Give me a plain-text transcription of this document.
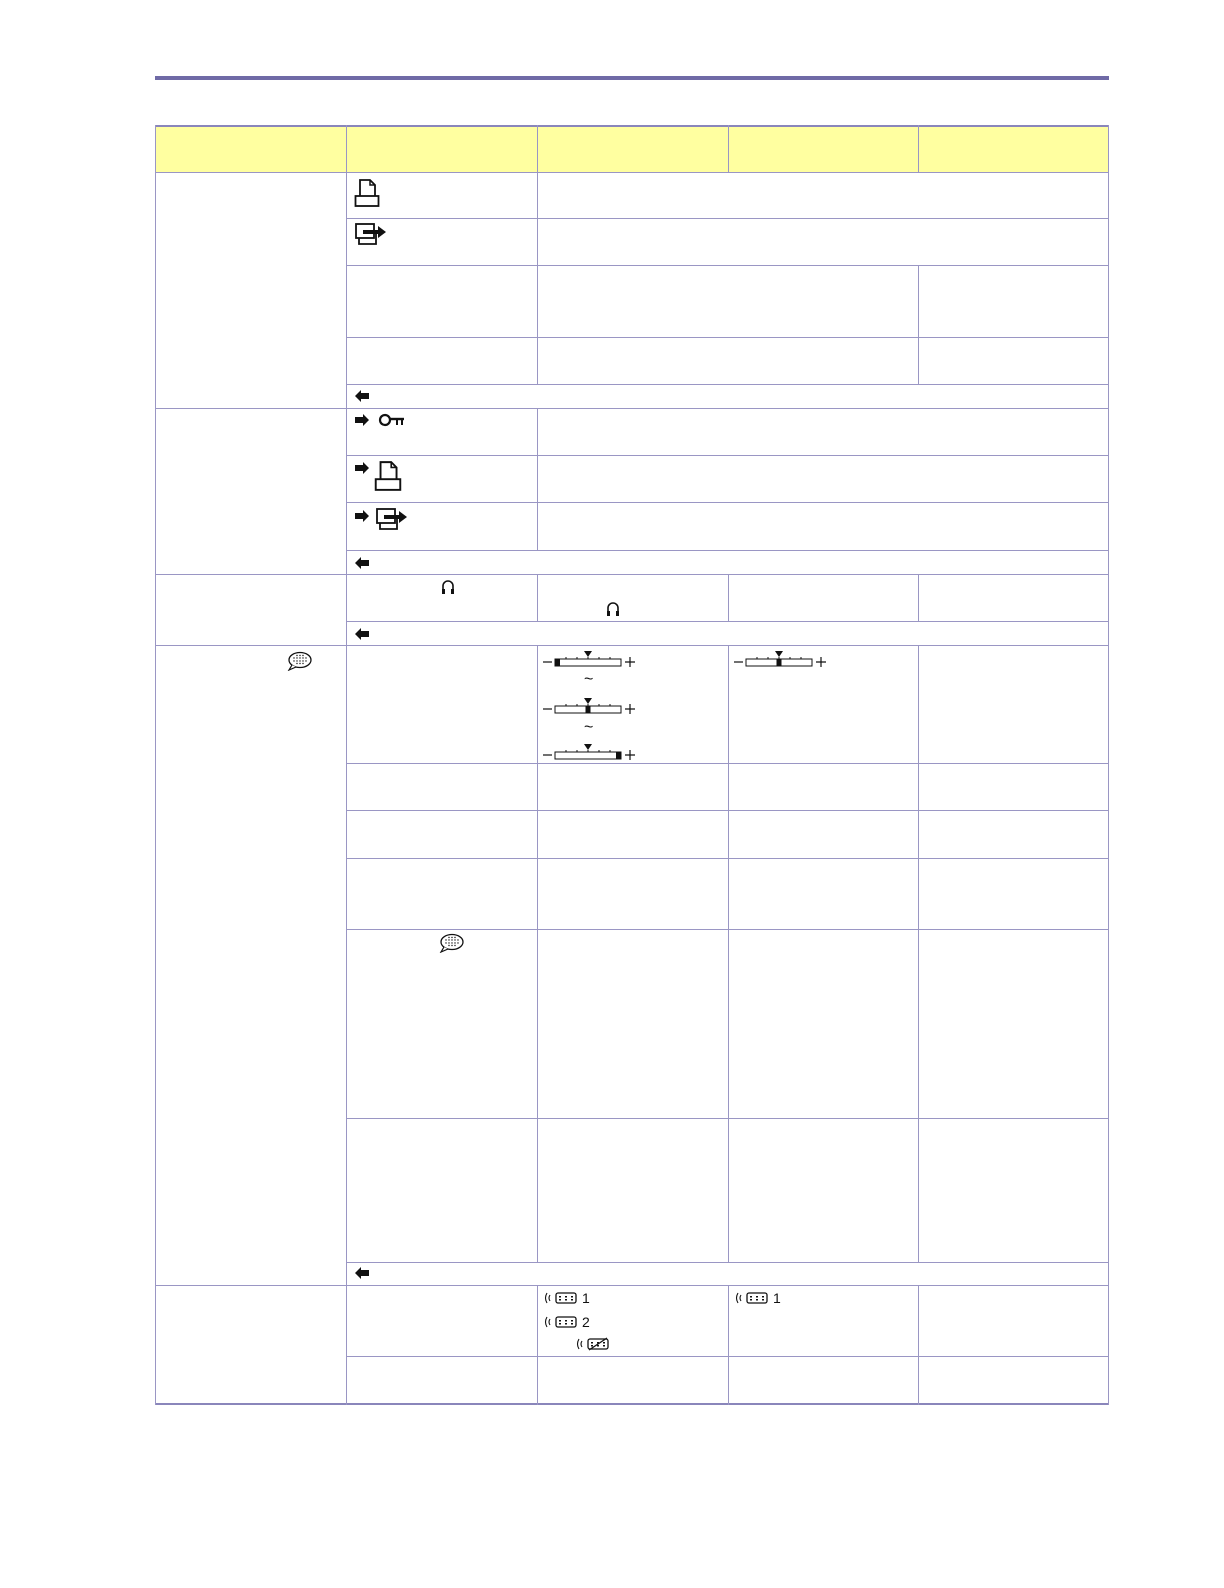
~
~
1
2
1
